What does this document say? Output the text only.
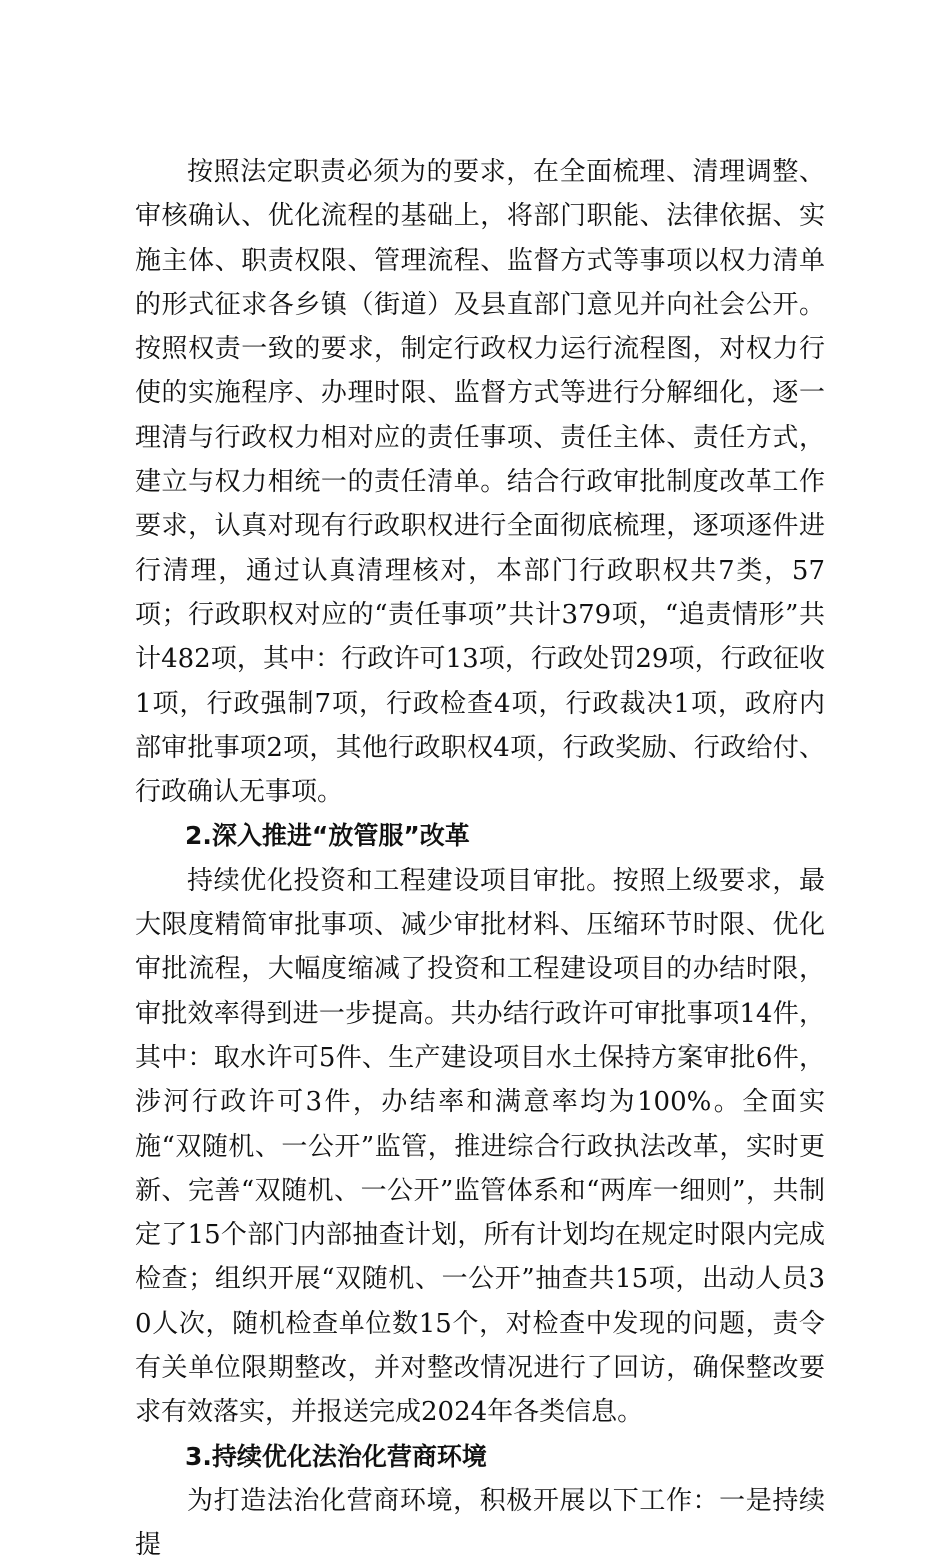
按照法定职责必须为的要求，在全面梳理、清理调整、审核确认、优化流程的基础上，将部门职能、法律依据、实施主体、职责权限、管理流程、监督方式等事项以权力清单的形式征求各乡镇（街道）及县直部门意见并向社会公开。按照权责一致的要求，制定行政权力运行流程图，对权力行使的实施程序、办理时限、监督方式等进行分解细化，逐一理清与行政权力相对应的责任事项、责任主体、责任方式，建立与权力相统一的责任清单。结合行政审批制度改革工作要求，认真对现有行政职权进行全面彻底梳理，逐项逐件进行清理，通过认真清理核对，本部门行政职权共7类，57项；行政职权对应的“责任事项”共计379项，“追责情形”共计482项，其中：行政许可13项，行政处罚29项，行政征收1项，行政强制7项，行政检查4项，行政裁决1项，政府内部审批事项2项，其他行政职权4项，行政奖励、行政给付、行政确认无事项。

2.深入推进“放管服”改革

持续优化投资和工程建设项目审批。按照上级要求，最大限度精简审批事项、减少审批材料、压缩环节时限、优化审批流程，大幅度缩减了投资和工程建设项目的办结时限，审批效率得到进一步提高。共办结行政许可审批事项14件，其中：取水许可5件、生产建设项目水土保持方案审批6件，涉河行政许可3件，办结率和满意率均为100%。全面实施“双随机、一公开”监管，推进综合行政执法改革，实时更新、完善“双随机、一公开”监管体系和“两库一细则”，共制定了15个部门内部抽查计划，所有计划均在规定时限内完成检查；组织开展“双随机、一公开”抽查共15项，出动人员30人次，随机检查单位数15个，对检查中发现的问题，责令有关单位限期整改，并对整改情况进行了回访，确保整改要求有效落实，并报送完成2024年各类信息。

3.持续优化法治化营商环境

为打造法治化营商环境，积极开展以下工作：一是持续提
